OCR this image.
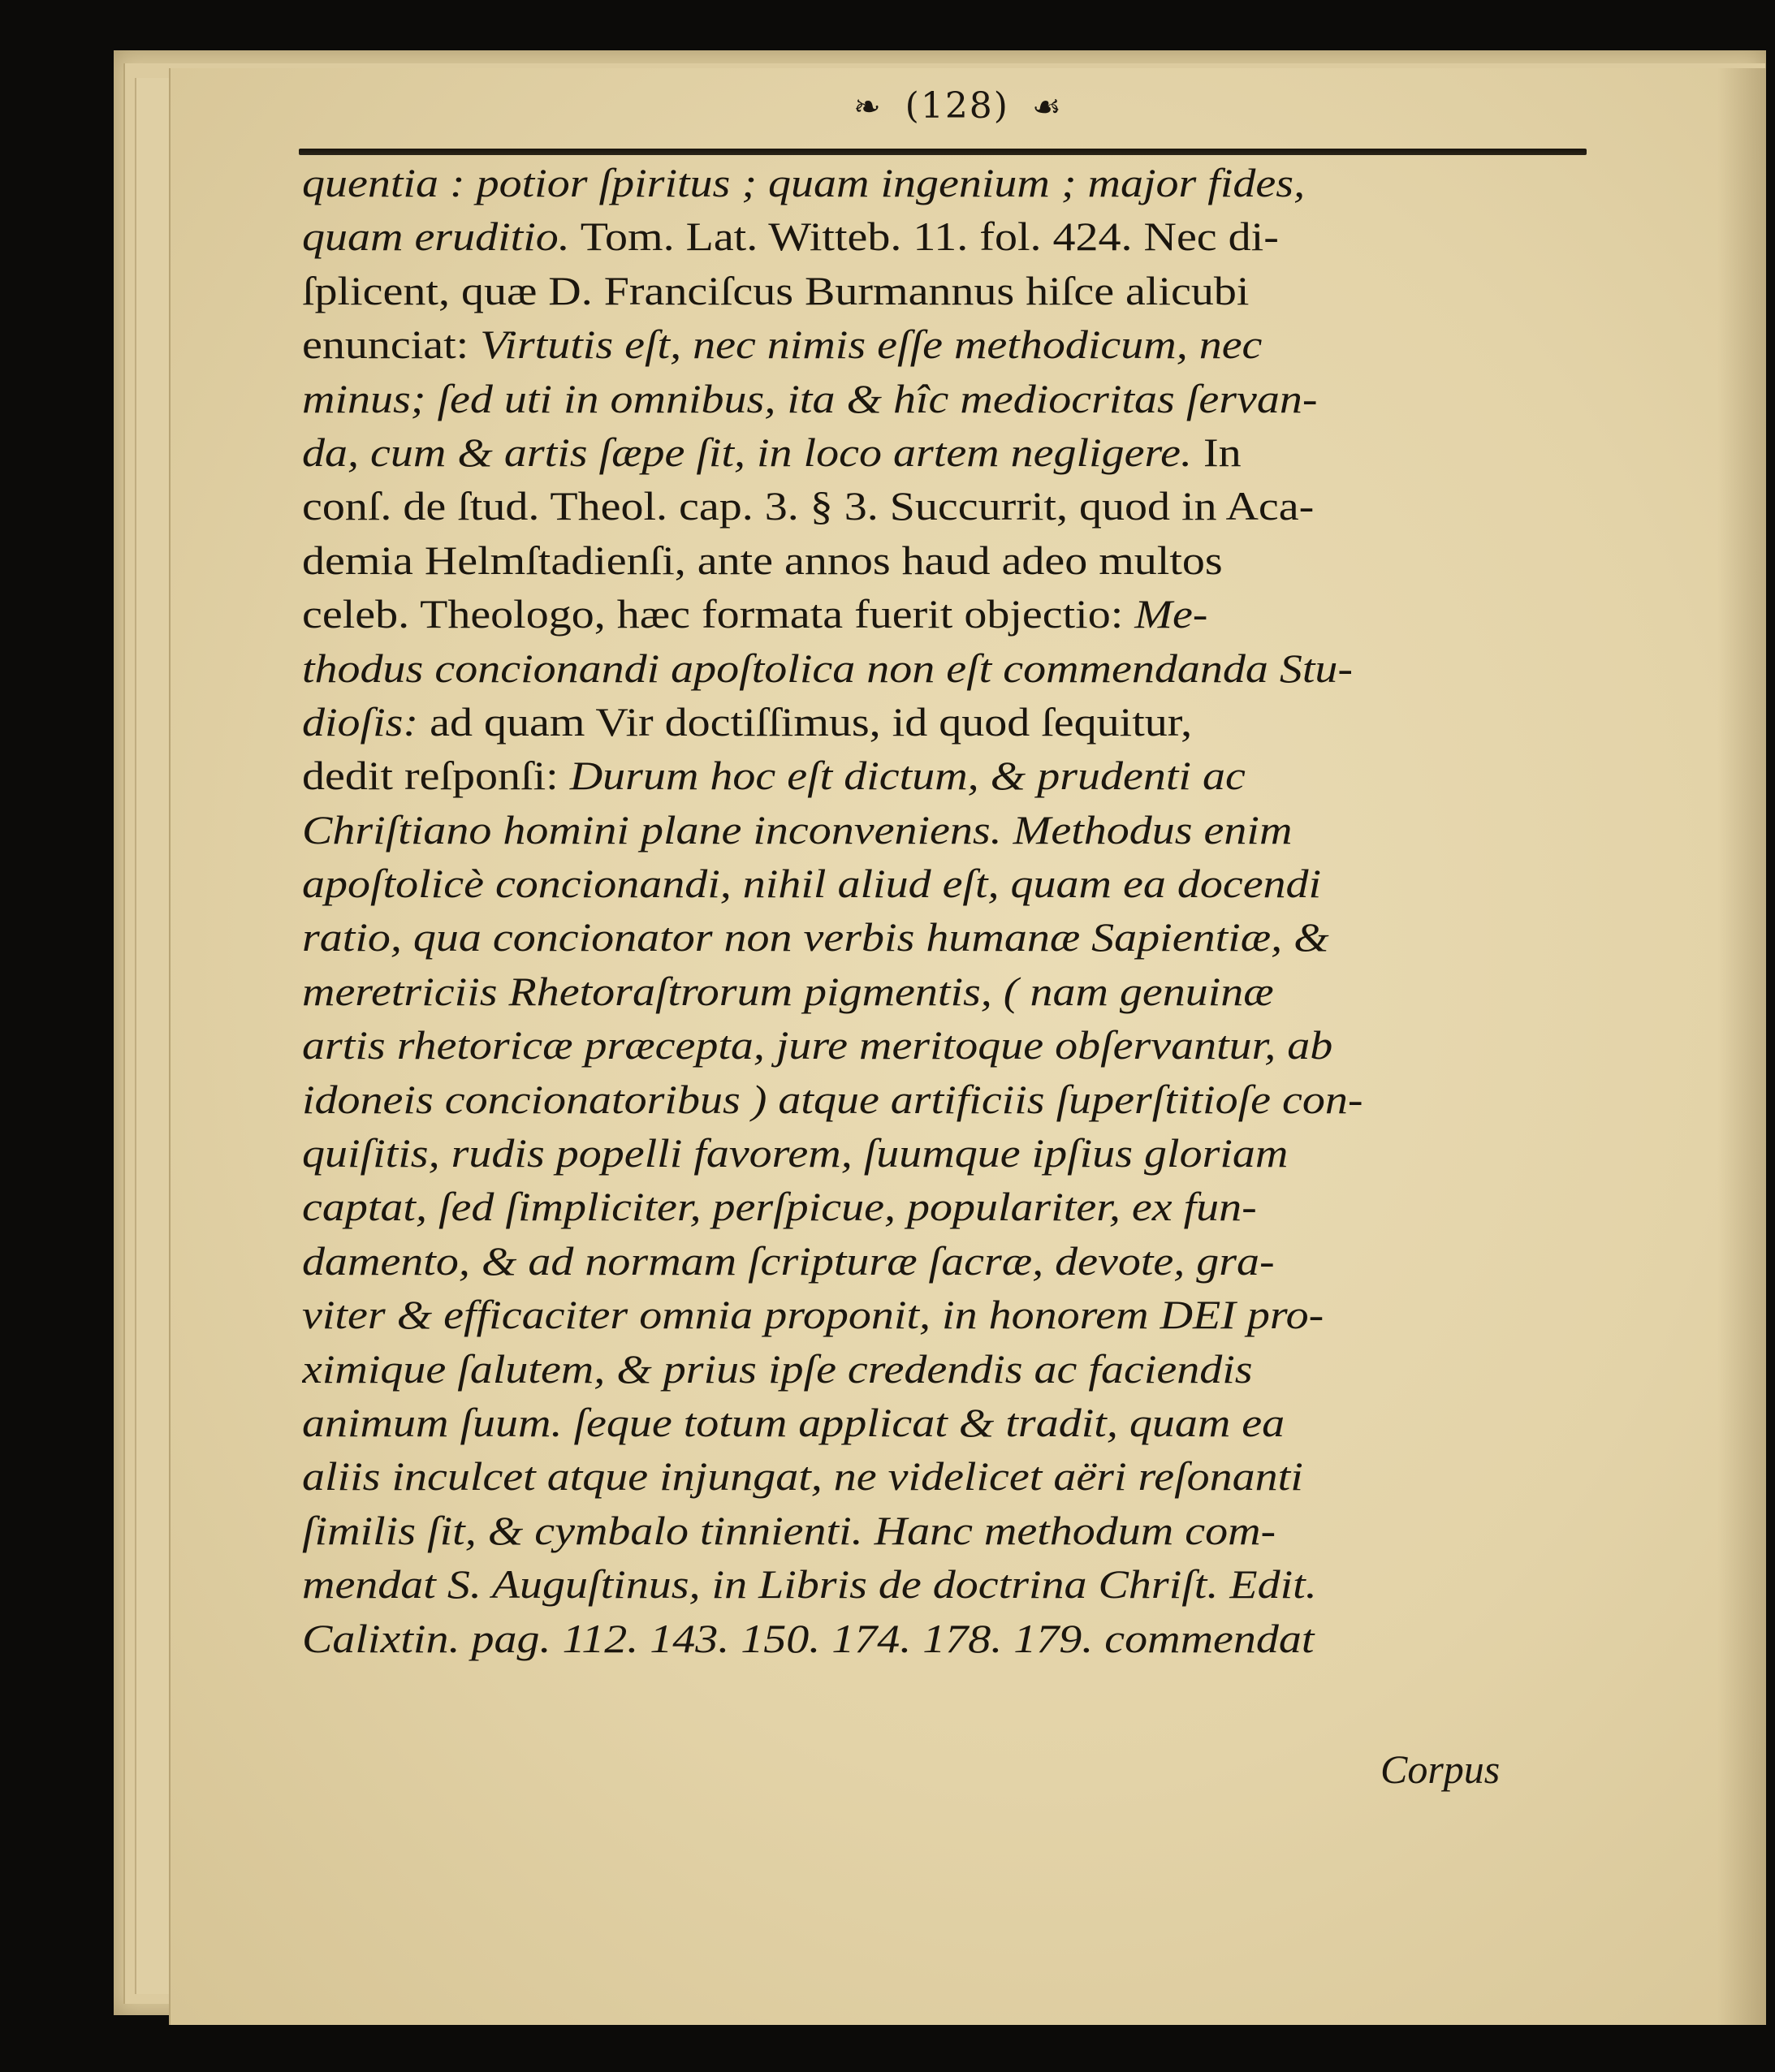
❧ (128) ☙
quentia : potior ſpiritus ; quam ingenium ; major fides,
quam eruditio. Tom. Lat. Witteb. 11. fol. 424. Nec di-
ſplicent, quæ D. Franciſcus Burmannus hiſce alicubi
enunciat: Virtutis eſt, nec nimis eſſe methodicum, nec
minus; ſed uti in omnibus, ita & hîc mediocritas ſervan-
da, cum & artis ſæpe ſit, in loco artem negligere. In
conſ. de ſtud. Theol. cap. 3. § 3. Succurrit, quod in Aca-
demia Helmſtadienſi, ante annos haud adeo multos
celeb. Theologo, hæc formata fuerit objectio: Me-
thodus concionandi apoſtolica non eſt commendanda Stu-
dioſis: ad quam Vir doctiſſimus, id quod ſequitur,
dedit reſponſi: Durum hoc eſt dictum, & prudenti ac
Chriſtiano homini plane inconveniens. Methodus enim
apoſtolicè concionandi, nihil aliud eſt, quam ea docendi
ratio, qua concionator non verbis humanæ Sapientiæ, &
meretriciis Rhetoraſtrorum pigmentis, ( nam genuinæ
artis rhetoricæ præcepta, jure meritoque obſervantur, ab
idoneis concionatoribus ) atque artificiis ſuperſtitioſe con-
quiſitis, rudis popelli favorem, ſuumque ipſius gloriam
captat, ſed ſimpliciter, perſpicue, populariter, ex fun-
damento, & ad normam ſcripturæ ſacræ, devote, gra-
viter & efficaciter omnia proponit, in honorem DEI pro-
ximique ſalutem, & prius ipſe credendis ac faciendis
animum ſuum. ſeque totum applicat & tradit, quam ea
aliis inculcet atque injungat, ne videlicet aëri reſonanti
ſimilis ſit, & cymbalo tinnienti. Hanc methodum com-
mendat S. Auguſtinus, in Libris de doctrina Chriſt. Edit.
Calixtin. pag. 112. 143. 150. 174. 178. 179. commendat
Corpus
